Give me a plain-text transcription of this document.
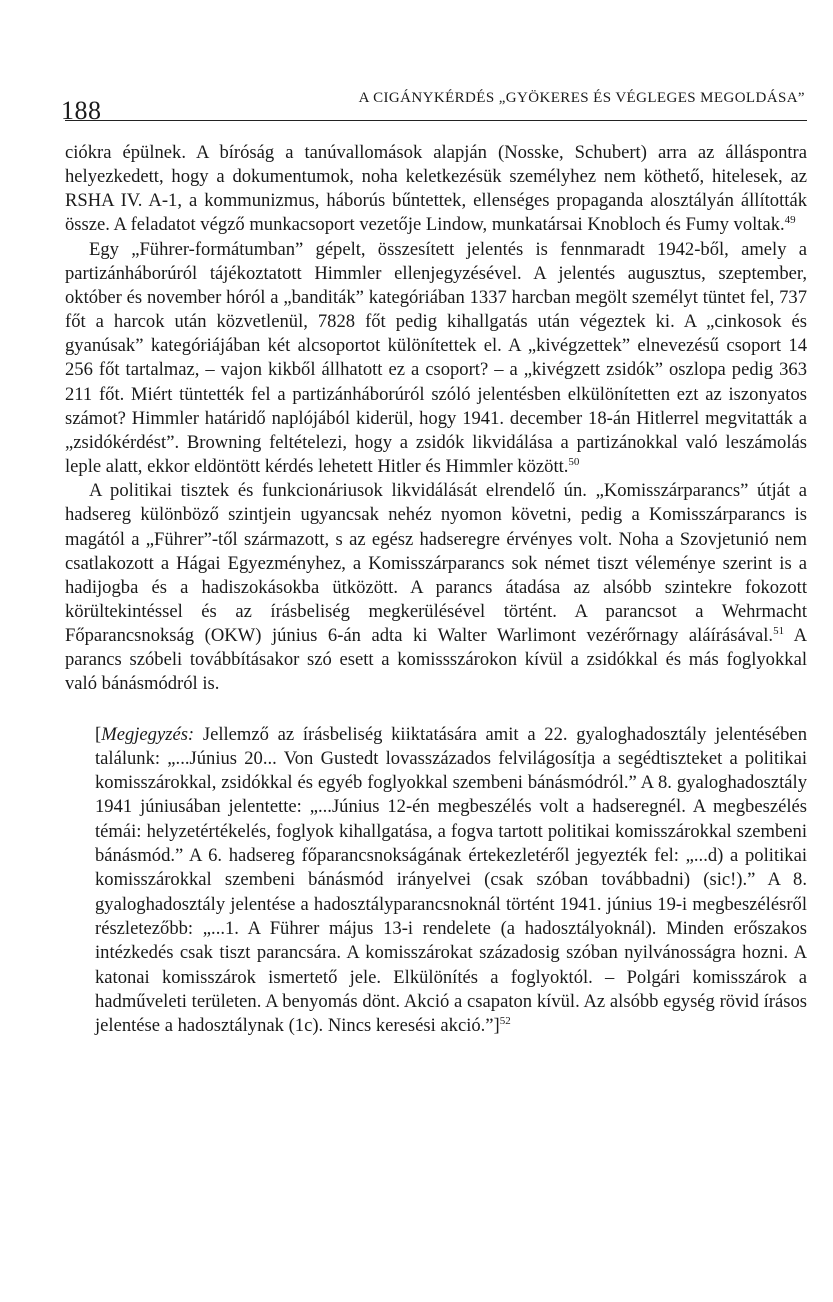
188	A CIGÁNYKÉRDÉS „GYÖKERES ÉS VÉGLEGES MEGOLDÁSA”

ciókra épülnek. A bíróság a tanúvallomások alapján (Nosske, Schubert) arra az álláspontra helyezkedett, hogy a dokumentumok, noha keletkezésük személyhez nem köthető, hitelesek, az RSHA IV. A-1, a kommunizmus, háborús bűntettek, ellenséges propaganda alosztályán állították össze. A feladatot végző munkacsoport vezetője Lindow, munkatársai Knobloch és Fumy voltak.$^{49}$

Egy „Führer-formátumban” gépelt, összesített jelentés is fennmaradt 1942-ből, amely a partizánháborúról tájékoztatott Himmler ellenjegyzésével. A jelentés augusztus, szeptember, október és november hóról a „banditák” kategóriában 1337 harcban megölt személyt tüntet fel, 737 főt a harcok után közvetlenül, 7828 főt pedig kihallgatás után végeztek ki. A „cinkosok és gyanúsak” kategóriájában két alcsoportot különítettek el. A „kivégzettek” elnevezésű csoport 14 256 főt tartalmaz, – vajon kikből állhatott ez a csoport? – a „kivégzett zsidók” oszlopa pedig 363 211 főt. Miért tüntették fel a partizánháborúról szóló jelentésben elkülönítetten ezt az iszonyatos számot? Himmler határidő naplójából kiderül, hogy 1941. december 18-án Hitlerrel megvitatták a „zsidókérdést”. Browning feltételezi, hogy a zsidók likvidálása a partizánokkal való leszámolás leple alatt, ekkor eldöntött kérdés lehetett Hitler és Himmler között.$^{50}$

A politikai tisztek és funkcionáriusok likvidálását elrendelő ún. „Komisszárparancs” útját a hadsereg különböző szintjein ugyancsak nehéz nyomon követni, pedig a Komisszárparancs is magától a „Führer”-től származott, s az egész hadseregre érvényes volt. Noha a Szovjetunió nem csatlakozott a Hágai Egyezményhez, a Komisszárparancs sok német tiszt véleménye szerint is a hadijogba és a hadiszokásokba ütközött. A parancs átadása az alsóbb szintekre fokozott körültekintéssel és az írásbeliség megkerülésével történt. A parancsot a Wehrmacht Főparancsnokság (OKW) június 6-án adta ki Walter Warlimont vezérőrnagy aláírásával.$^{51}$ A parancs szóbeli továbbításakor szó esett a komissszárokon kívül a zsidókkal és más foglyokkal való bánásmódról is.

[Megjegyzés: Jellemző az írásbeliség kiiktatására amit a 22. gyaloghadosztály jelentésében találunk: „...Június 20... Von Gustedt lovasszázados felvilágosítja a segédtiszteket a politikai komisszárokkal, zsidókkal és egyéb foglyokkal szembeni bánásmódról.” A 8. gyaloghadosztály 1941 júniusában jelentette: „...Június 12-én megbeszélés volt a hadseregnél. A megbeszélés témái: helyzetértékelés, foglyok kihallgatása, a fogva tartott politikai komisszárokkal szembeni bánásmód.” A 6. hadsereg főparancsnokságának értekezletéről jegyezték fel: „...d) a politikai komisszárokkal szembeni bánásmód irányelvei (csak szóban továbbadni) (sic!).” A 8. gyaloghadosztály jelentése a hadosztályparancsnoknál történt 1941. június 19-i megbeszélésről részletezőbb: „...1. A Führer május 13-i rendelete (a hadosztályoknál). Minden erőszakos intézkedés csak tiszt parancsára. A komisszárokat századosig szóban nyilvánosságra hozni. A katonai komisszárok ismertető jele. Elkülönítés a foglyoktól. – Polgári komisszárok a hadműveleti területen. A benyomás dönt. Akció a csapaton kívül. Az alsóbb egység rövid írásos jelentése a hadosztálynak (1c). Nincs keresési akció.”]$^{52}$
